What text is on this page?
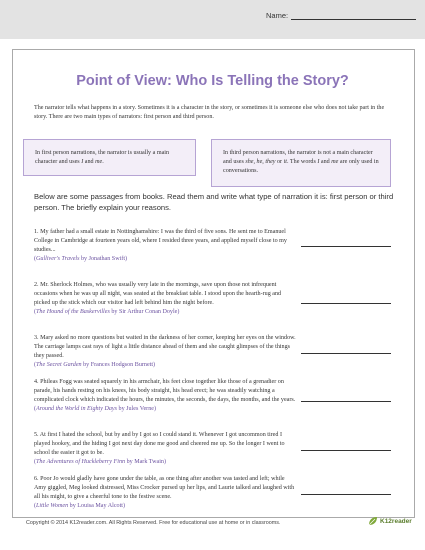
Name:
Point of View: Who Is Telling the Story?

The narrator tells what happens in a story. Sometimes it is a character in the story, or sometimes it is someone else who does not take part in the story. There are two main types of narrators: first person and third person.

In first person narrations, the narrator is usually a main character and uses I and me.
In third person narrations, the narrator is not a main character and uses she, he, they or it. The words I and me are only used in conversations.

Below are some passages from books. Read them and write what type of narration it is: first person or third person. The briefly explain your reasons.

1. My father had a small estate in Nottinghamshire: I was the third of five sons. He sent me to Emanuel College in Cambridge at fourteen years old, where I resided three years, and applied myself close to my studies...
(Gulliver's Travels by Jonathan Swift)
2. Mr. Sherlock Holmes, who was usually very late in the mornings, save upon those not infrequent occasions when he was up all night, was seated at the breakfast table. I stood upon the hearth-rug and picked up the stick which our visitor had left behind him the night before.
(The Hound of the Baskervilles by Sir Arthur Conan Doyle)
3. Mary asked no more questions but waited in the darkness of her corner, keeping her eyes on the window. The carriage lamps cast rays of light a little distance ahead of them and she caught glimpses of the things they passed.
(The Secret Garden by Frances Hodgson Burnett)
4. Phileas Fogg was seated squarely in his armchair, his feet close together like those of a grenadier on parade, his hands resting on his knees, his body straight, his head erect; he was steadily watching a complicated clock which indicated the hours, the minutes, the seconds, the days, the months, and the years.
(Around the World in Eighty Days by Jules Verne)
5. At first I hated the school, but by and by I got so I could stand it. Whenever I got uncommon tired I played hookey, and the hiding I got next day done me good and cheered me up. So the longer I went to school the easier it got to be.
(The Adventures of Huckleberry Finn by Mark Twain)
6. Poor Jo would gladly have gone under the table, as one thing after another was tasted and left; while Amy giggled, Meg looked distressed, Miss Crocker pursed up her lips, and Laurie talked and laughed with all his might, to give a cheerful tone to the festive scene.
(Little Women by Louisa May Alcott)
Copyright © 2014 K12reader.com. All Rights Reserved. Free for educational use at home or in classrooms.	K12reader
